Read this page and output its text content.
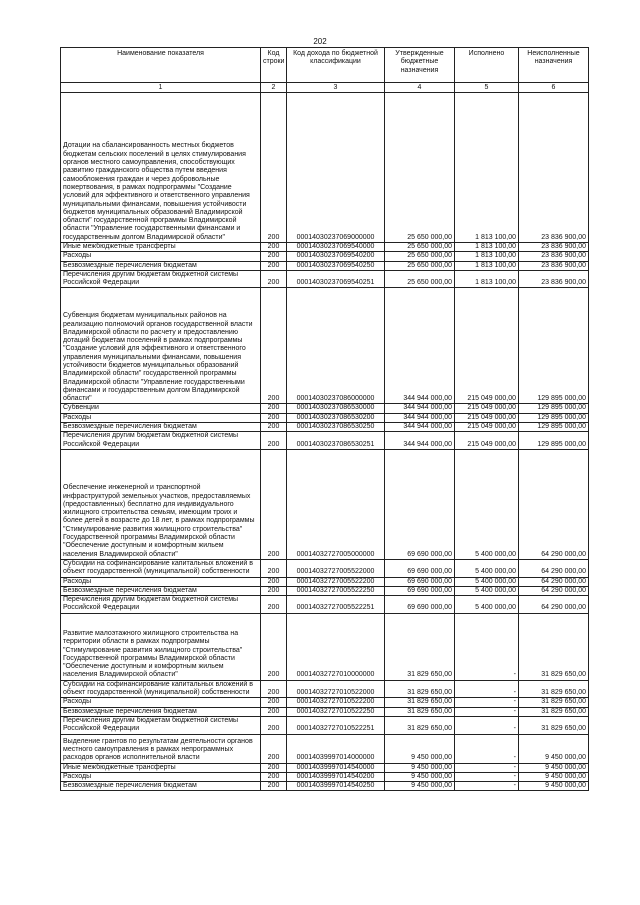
202
Наименование показателя	Код строки	Код дохода по бюджетной классификации	Утвержденные бюджетные назначения	Исполнено	Неисполненные назначения
1	2	3	4	5	6
Дотации на сбалансированность местных бюджетов бюджетам сельских поселений в целях стимулирования органов местного самоуправления, способствующих развитию гражданского общества путем введения самообложения граждан и через добровольные пожертвования, в рамках подпрограммы "Создание условий для эффективного и ответственного управления муниципальными финансами, повышения устойчивости бюджетов муниципальных образований Владимирской области" государственной программы Владимирской области "Управление государственными финансами и государственным долгом Владимирской области"	200	00014030237069000000	25 650 000,00	1 813 100,00	23 836 900,00
Иные межбюджетные трансферты	200	00014030237069540000	25 650 000,00	1 813 100,00	23 836 900,00
Расходы	200	00014030237069540200	25 650 000,00	1 813 100,00	23 836 900,00
Безвозмездные перечисления бюджетам	200	00014030237069540250	25 650 000,00	1 813 100,00	23 836 900,00
Перечисления другим бюджетам бюджетной системы Российской Федерации	200	00014030237069540251	25 650 000,00	1 813 100,00	23 836 900,00
Субвенция бюджетам муниципальных районов на реализацию полномочий органов государственной власти Владимирской области по расчету и предоставлению дотаций бюджетам поселений в рамках подпрограммы "Создание условий для эффективного и ответственного управления муниципальными финансами, повышения устойчивости бюджетов муниципальных образований Владимирской области" государственной программы Владимирской области "Управление государственными финансами и государственным долгом Владимирской области"	200	00014030237086000000	344 944 000,00	215 049 000,00	129 895 000,00
Субвенции	200	00014030237086530000	344 944 000,00	215 049 000,00	129 895 000,00
Расходы	200	00014030237086530200	344 944 000,00	215 049 000,00	129 895 000,00
Безвозмездные перечисления бюджетам	200	00014030237086530250	344 944 000,00	215 049 000,00	129 895 000,00
Перечисления другим бюджетам бюджетной системы Российской Федерации	200	00014030237086530251	344 944 000,00	215 049 000,00	129 895 000,00
Обеспечение инженерной и транспортной инфраструктурой земельных участков, предоставляемых (предоставленных) бесплатно для индивидуального жилищного строительства семьям, имеющим троих и более детей в возрасте до 18 лет, в рамках подпрограммы "Стимулирование развития жилищного строительства" Государственной программы Владимирской области "Обеспечение доступным и комфортным жильем населения Владимирской области"	200	00014032727005000000	69 690 000,00	5 400 000,00	64 290 000,00
Субсидии на софинансирование капитальных вложений в объект государственной (муниципальной) собственности	200	00014032727005522000	69 690 000,00	5 400 000,00	64 290 000,00
Расходы	200	00014032727005522200	69 690 000,00	5 400 000,00	64 290 000,00
Безвозмездные перечисления бюджетам	200	00014032727005522250	69 690 000,00	5 400 000,00	64 290 000,00
Перечисления другим бюджетам бюджетной системы Российской Федерации	200	00014032727005522251	69 690 000,00	5 400 000,00	64 290 000,00
Развитие малоэтажного жилищного строительства на территории области в рамках подпрограммы "Стимулирование развития жилищного строительства" Государственной программы Владимирской области "Обеспечение доступным и комфортным жильем населения Владимирской области"	200	00014032727010000000	31 829 650,00	-	31 829 650,00
Субсидии на софинансирование капитальных вложений в объект государственной (муниципальной) собственности	200	00014032727010522000	31 829 650,00	-	31 829 650,00
Расходы	200	00014032727010522200	31 829 650,00	-	31 829 650,00
Безвозмездные перечисления бюджетам	200	00014032727010522250	31 829 650,00	-	31 829 650,00
Перечисления другим бюджетам бюджетной системы Российской Федерации	200	00014032727010522251	31 829 650,00	-	31 829 650,00
Выделение грантов по результатам деятельности органов местного самоуправления в рамках непрограммных расходов органов исполнительной власти	200	00014039997014000000	9 450 000,00	-	9 450 000,00
Иные межбюджетные трансферты	200	00014039997014540000	9 450 000,00	-	9 450 000,00
Расходы	200	00014039997014540200	9 450 000,00	-	9 450 000,00
Безвозмездные перечисления бюджетам	200	00014039997014540250	9 450 000,00	-	9 450 000,00
